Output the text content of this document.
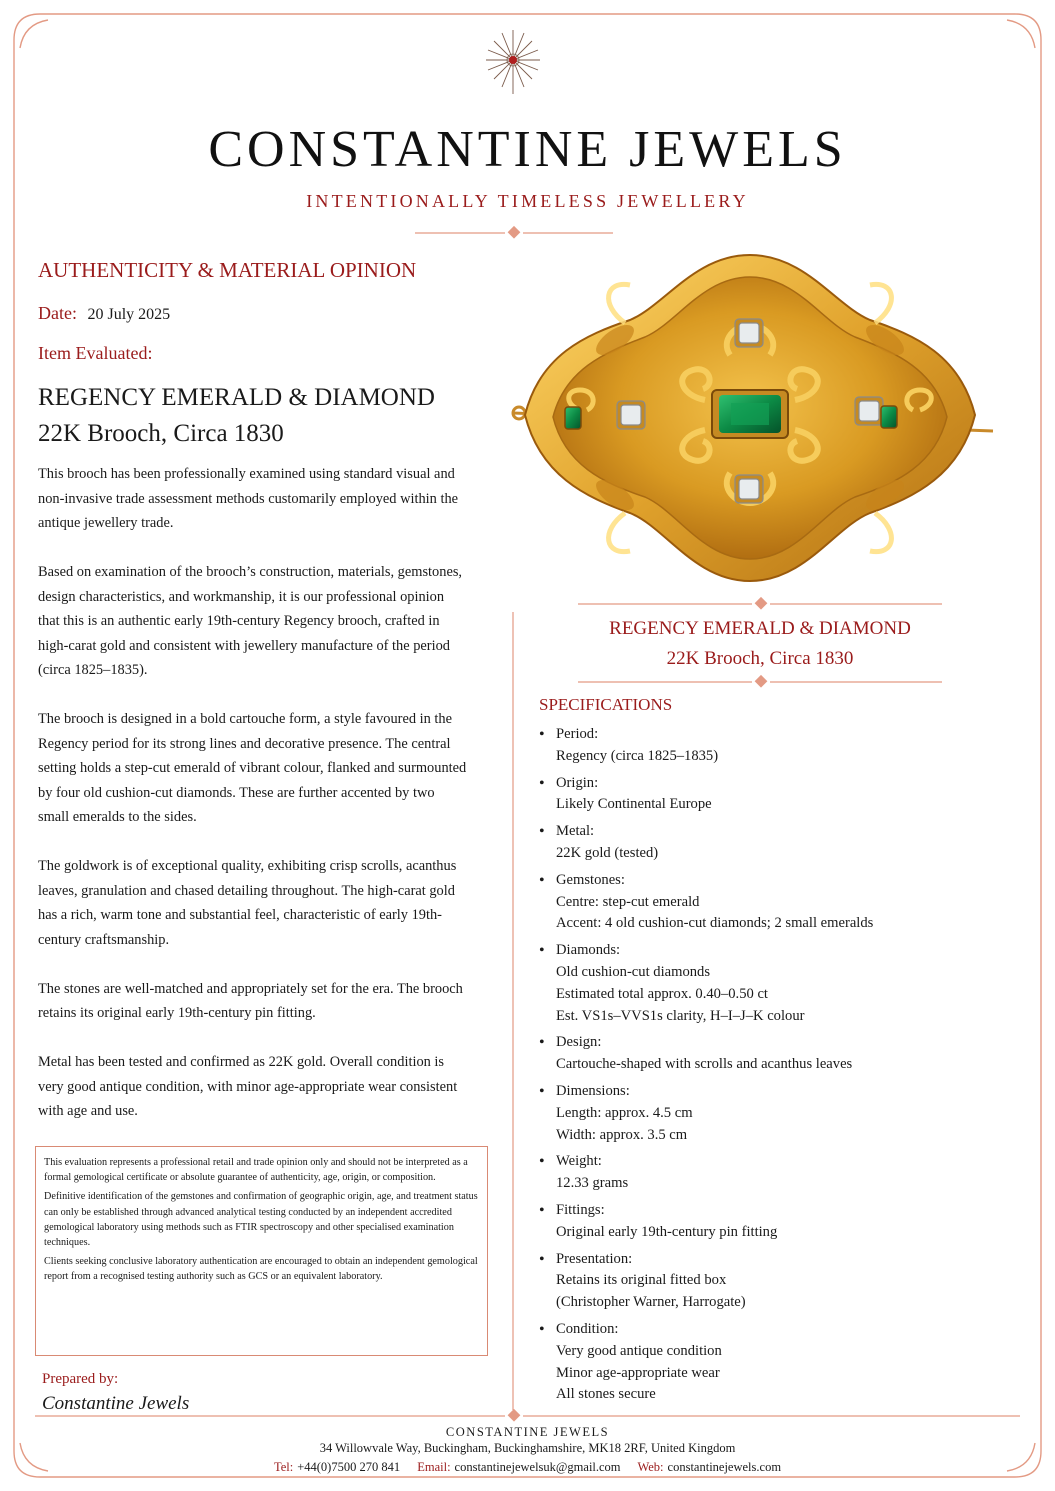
CONSTANTINE JEWELS
INTENTIONALLY TIMELESS JEWELLERY
AUTHENTICITY & MATERIAL OPINION
Date: 20 July 2025
Item Evaluated:
REGENCY EMERALD & DIAMOND
22K Brooch, Circa 1830

This brooch has been professionally examined using standard visual and non-invasive trade assessment methods customarily employed within the antique jewellery trade.

Based on examination of the brooch’s construction, materials, gemstones, design characteristics, and workmanship, it is our professional opinion that this is an authentic early 19th-century Regency brooch, crafted in high-carat gold and consistent with jewellery manufacture of the period (circa 1825–1835).

The brooch is designed in a bold cartouche form, a style favoured in the Regency period for its strong lines and decorative presence. The central setting holds a step-cut emerald of vibrant colour, flanked and surmounted by four old cushion-cut diamonds. These are further accented by two small emeralds to the sides.

The goldwork is of exceptional quality, exhibiting crisp scrolls, acanthus leaves, granulation and chased detailing throughout. The high-carat gold has a rich, warm tone and substantial feel, characteristic of early 19th-century craftsmanship.

The stones are well-matched and appropriately set for the era. The brooch retains its original early 19th-century pin fitting.

Metal has been tested and confirmed as 22K gold. Overall condition is very good antique condition, with minor age-appropriate wear consistent with age and use.

This evaluation represents a professional retail and trade opinion only and should not be interpreted as a formal gemological certificate or absolute guarantee of authenticity, age, origin, or composition.

Definitive identification of the gemstones and confirmation of geographic origin, age, and treatment status can only be established through advanced analytical testing conducted by an independent accredited gemological laboratory using methods such as FTIR spectroscopy and other specialised examination techniques.

Clients seeking conclusive laboratory authentication are encouraged to obtain an independent gemological report from a recognised testing authority such as GCS or an equivalent laboratory.

Prepared by:
Constantine Jewels
REGENCY EMERALD & DIAMOND
22K Brooch, Circa 1830
SPECIFICATIONS
• Period:
Regency (circa 1825–1835)
• Origin:
Likely Continental Europe
• Metal:
22K gold (tested)
• Gemstones:
Centre: step-cut emerald
Accent: 4 old cushion-cut diamonds; 2 small emeralds
• Diamonds:
Old cushion-cut diamonds
Estimated total approx. 0.40–0.50 ct
Est. VS1s–VVS1s clarity, H–I–J–K colour
• Design:
Cartouche-shaped with scrolls and acanthus leaves
• Dimensions:
Length: approx. 4.5 cm
Width: approx. 3.5 cm
• Weight:
12.33 grams
• Fittings:
Original early 19th-century pin fitting
• Presentation:
Retains its original fitted box
(Christopher Warner, Harrogate)
• Condition:
Very good antique condition
Minor age-appropriate wear
All stones secure
CONSTANTINE JEWELS
34 Willowvale Way, Buckingham, Buckinghamshire, MK18 2RF, United Kingdom
Tel: +44(0)7500 270 841 Email: constantinejewelsuk@gmail.com Web: constantinejewels.com
